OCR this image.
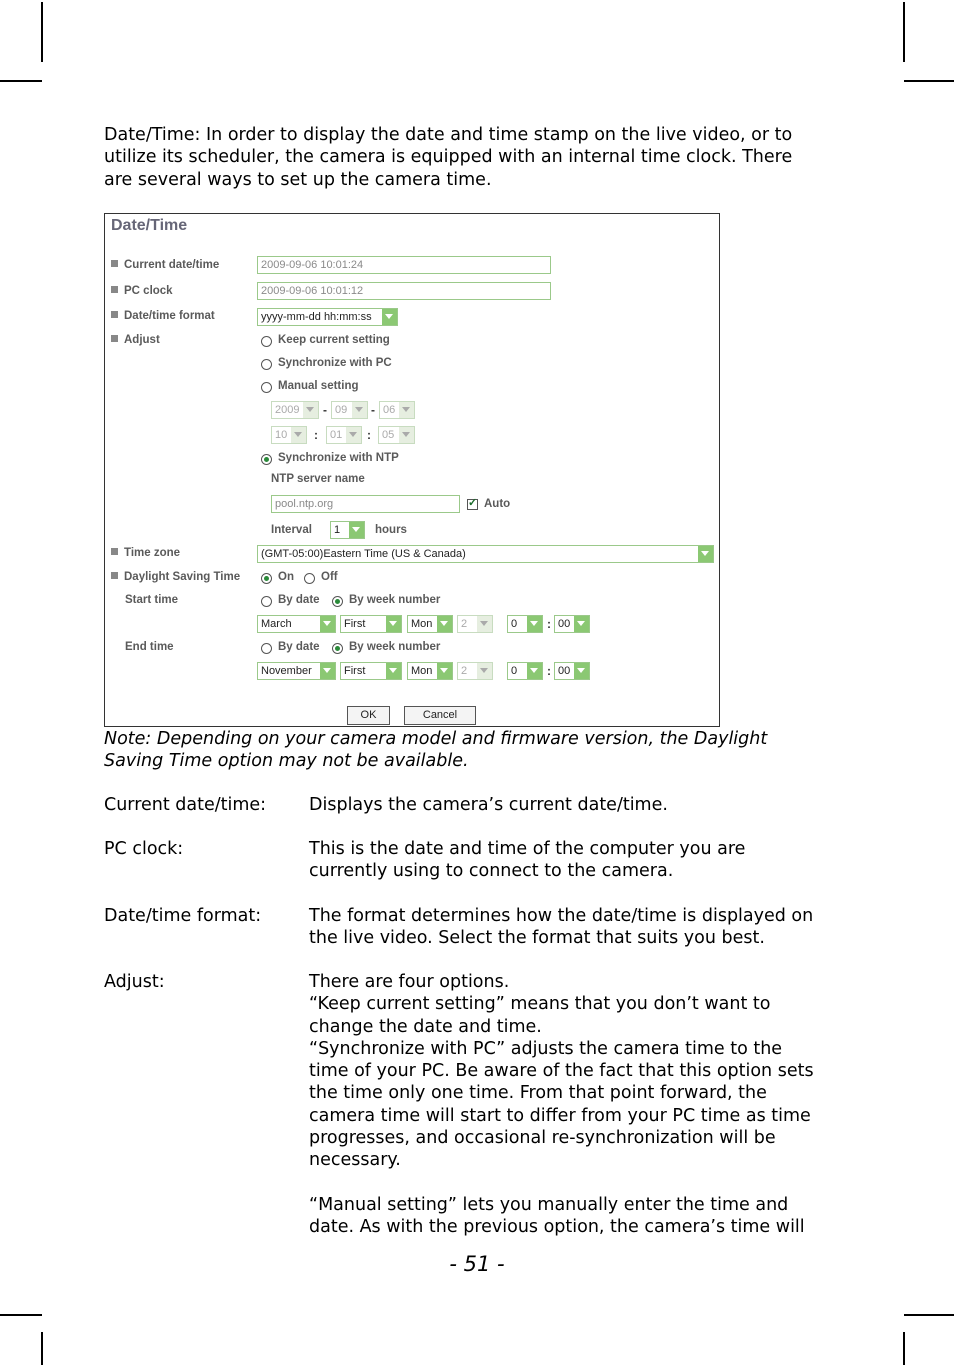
Date/Time: In order to display the date and time stamp on the live video, or to
utilize its scheduler, the camera is equipped with an internal time clock. There
are several ways to set up the camera time.
Date/Time
Current date/time	2009-09-06 10:01:24
PC clock	2009-09-06 10:01:12
Date/time format	yyyy-mm-dd hh:mm:ss
Adjust	Keep current setting
Synchronize with PC
Manual setting
2009	- 09	- 06
10	:	01	:	05
Synchronize with NTP
NTP server name
pool.ntp.org
✓	Auto
Interval	1	hours
Time zone	(GMT-05:00)Eastern Time (US & Canada)
Daylight Saving Time	On Off
Start time	By date	By week number
March	First	Mon	2	0	: 00
End time	By date	By week number
November	First	Mon	2	0	: 00
OK	Cancel
Note: Depending on your camera model and firmware version, the Daylight
Saving Time option may not be available.
Current date/time: Displays the camera’s current date/time.
PC clock:	This is the date and time of the computer you are
currently using to connect to the camera.
Date/time format:	The format determines how the date/time is displayed on
the live video. Select the format that suits you best.
Adjust:	There are four options.
“Keep current setting” means that you don’t want to
change the date and time.
“Synchronize with PC” adjusts the camera time to the
time of your PC. Be aware of the fact that this option sets
the time only one time. From that point forward, the
camera time will start to differ from your PC time as time
progresses, and occasional re-synchronization will be
necessary.

“Manual setting” lets you manually enter the time and
date. As with the previous option, the camera’s time will
- 51 -
